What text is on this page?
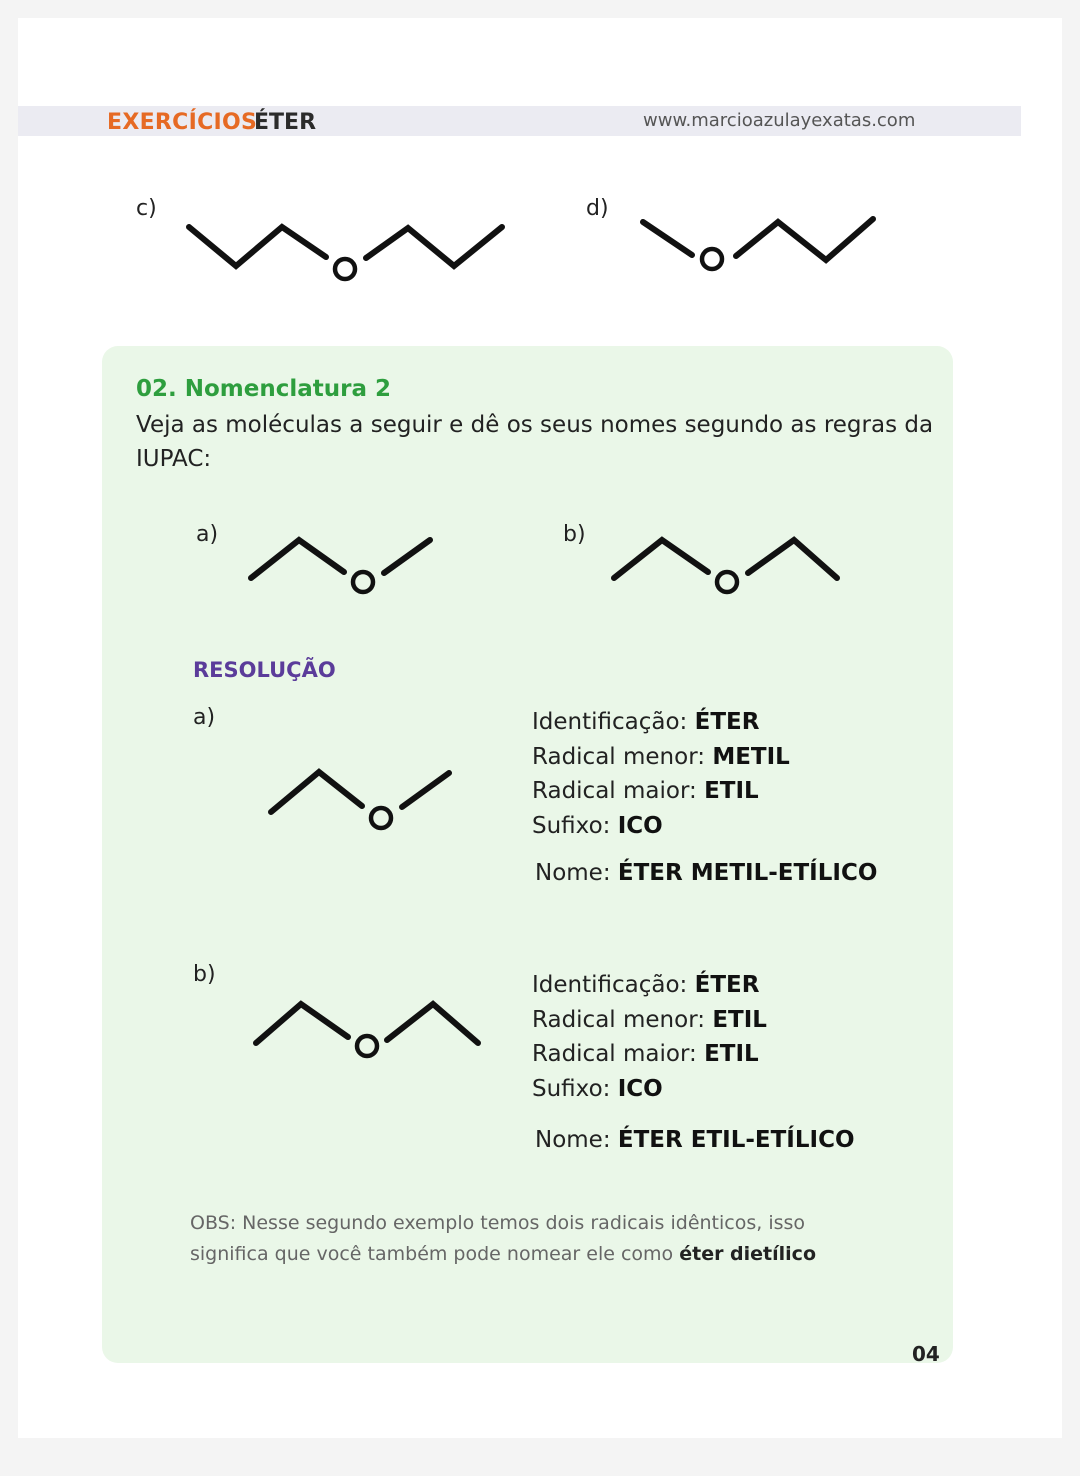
EXERCÍCIOS
ÉTER	www.marcioazulayexatas.com
c)	d)
02. Nomenclatura 2
Veja as moléculas a seguir e dê os seus nomes segundo as regras da IUPAC:
a)	b)
RESOLUÇÃO
a)	Identificação: ÉTER
Radical menor: METIL
Radical maior: ETIL
Sufixo: ICO
Nome: ÉTER METIL-ETÍLICO
b)	Identificação: ÉTER
Radical menor: ETIL
Radical maior: ETIL
Sufixo: ICO
Nome: ÉTER ETIL-ETÍLICO
OBS: Nesse segundo exemplo temos dois radicais idênticos, isso
significa que você também pode nomear ele como éter dietílico
04
